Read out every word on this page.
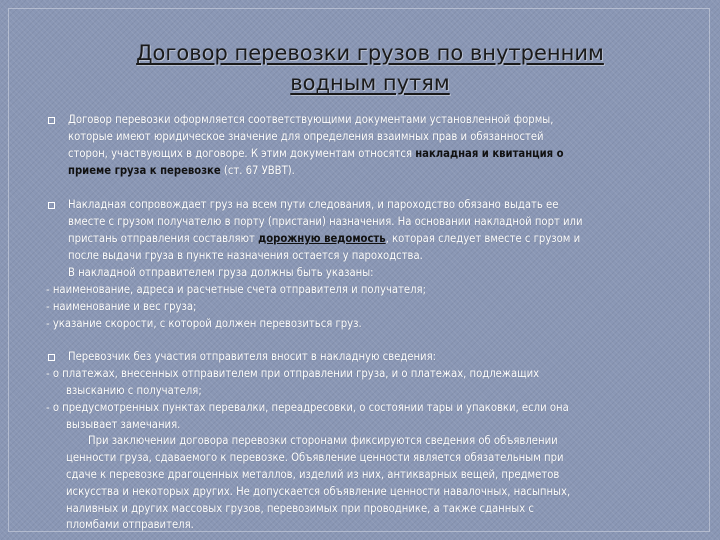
Договор перевозки грузов по внутренним
водным путям
Договор перевозки оформляется соответствующими документами установленной формы,
которые имеют юридическое значение для определения взаимных прав и обязанностей
сторон, участвующих в договоре. К этим документам относятся накладная и квитанция о
приеме груза к перевозке (ст. 67 УВВТ).
Накладная сопровождает груз на всем пути следования, и пароходство обязано выдать ее
вместе с грузом получателю в порту (пристани) назначения. На основании накладной порт или
пристань отправления составляют дорожную ведомость, которая следует вместе с грузом и
после выдачи груза в пункте назначения остается у пароходства.
В накладной отправителем груза должны быть указаны:
- наименование, адреса и расчетные счета отправителя и получателя;
- наименование и вес груза;
- указание скорости, с которой должен перевозиться груз.
Перевозчик без участия отправителя вносит в накладную сведения:
- о платежах, внесенных отправителем при отправлении груза, и о платежах, подлежащих
взысканию с получателя;
- о предусмотренных пунктах перевалки, переадресовки, о состоянии тары и упаковки, если она
вызывает замечания.
При заключении договора перевозки сторонами фиксируются сведения об объявлении
ценности груза, сдаваемого к перевозке. Объявление ценности является обязательным при
сдаче к перевозке драгоценных металлов, изделий из них, антикварных вещей, предметов
искусства и некоторых других. Не допускается объявление ценности навалочных, насыпных,
наливных и других массовых грузов, перевозимых при проводнике, а также сданных с
пломбами отправителя.
